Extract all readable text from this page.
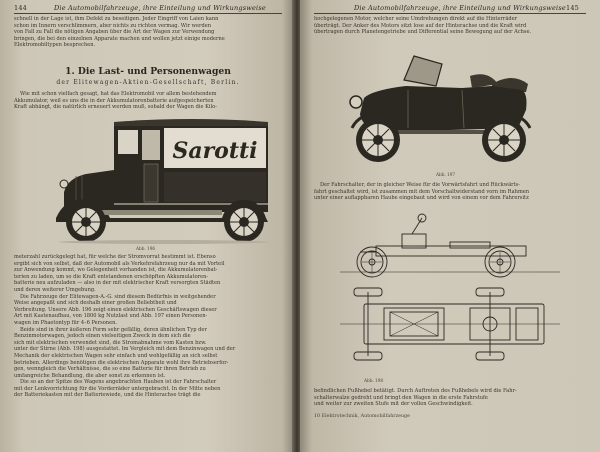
144	Die Automobilfahrzeuge, ihre Einteilung und Wirkungsweise

schnell in der Lage ist, ihm Defekt zu beseitigen. Jeder Eingriff von Laien kann

schon im Innern verschlimmern, aber nichts zu richten vermag. Wir werden

von Fall zu Fall die nötigen Angaben über die Art der Wagen zur Verwendung

bringen, die bei den einzelnen Apparate machen und wollen jetzt einige moderne

Elektromobiltypen besprechen.

1. Die Last- und Personenwagen
der Elitewagen-Aktien-Gesellschaft, Berlin.

Wie mit schon vielfach gesagt, hat das Elektromobil vor allem bestehendem

Akkumulator, weil es uns die in der Akkumulatorenbatterie aufgespeicherten

Kraft abhängt, die natürlich erneuert werden muß, sobald der Wagen die Kilo-

Sarotti
Abb. 196

meterzahl zurückgelegt hat, für welche der Stromvorrat bestimmt ist. Ebenso

ergibt sich von selbst, daß der Automobil als Verkehrsfahrzeug nur da mit Vorteil

zur Anwendung kommt, wo Gelegenheit vorhanden ist, die Akkumulatorenbat-

terien zu laden, um so die Kraft entstandenen erschöpften Akkumulatoren-

batterie neu aufzuladen — also in der mit elektrischer Kraft versorgten Städten

und deren weiterer Umgebung.

Die Fahrzeuge der Elitewagen-A.-G. sind diesem Bedürfnis in weitgehender

Weise angepaßt und sich deshalb einer großen Beliebtheit und

Verbreitung. Unsere Abb. 196 zeigt einen elektrischen Geschäftswagen dieser

Art mit Kastenaufbau, von 1800 kg Nutzlast und Abb. 197 einen Personen-

wagen im Phaetontyp für 4–6 Personen.

Beide sind in ihrer äußeren Form sehr gefällig, deren ähnlichen Typ der

Benzinmotorwagen, jedoch einen vielseitigen Zweck in dem sich die

sich mit elektrischen verwendet sind, die Stromabnahme vom Kasten bzw.

unter der Stirne (Abb. 198) ausgestattet. Im Vergleich mit dem Benzinwagen und der

Mechanik der elektrischen Wagen sehr einfach und wohlgefällig an sich selbst

betrieben. Allerdings benötigen die elektrischen Apparate wohl ihre Betriebserfor-

gen, wenngleich die Verhältnisse, die so eine Batterie für ihren Betrieb zu

umfangreiche Behandlung, die aber sonst zu erkennen ist.

Die so an der Spitze des Wagens angebrachten Hauben ist der Fahrschalter

mit der Lenkvorrichtung für die Vorderräder untergebracht. In der Mitte neben

der Batteriekasten mit der Batteriewiede, und die Hinterachse trägt die

Die Automobilfahrzeuge, ihre Einteilung und Wirkungsweise 145

hochgelegenen Motor, welcher seine Umdrehungen direkt auf die Hinterräder

überträgt. Der Anker des Motors sitzt lose auf der Hinterachse und die Kraft wird

übertragen durch Planetengetriebe und Differential seine Bewegung auf der Achse.

Abb. 197

Der Fahrschalter, der in gleicher Weise für die Vorwärtsfahrt und Rückwärts-

fahrt geschaltet wird, ist zusammen mit dem Vorschaltwiderstand vorn im Rahmen

unter einer auflappbaren Haube eingebaut und wird von einem vor dem Fahrersitz

Abb. 198

befindlichen Fußhebel betätigt. Durch Auftreten des Fußhebels wird die Fahr-

schalterwalze gedreht und bringt den Wagen in die erste Fahrstufe

und weiter zur zweiten Stufe mit der vollen Geschwindigkeit.

10 Elektrotechnik, Automobilfahrzeuge
